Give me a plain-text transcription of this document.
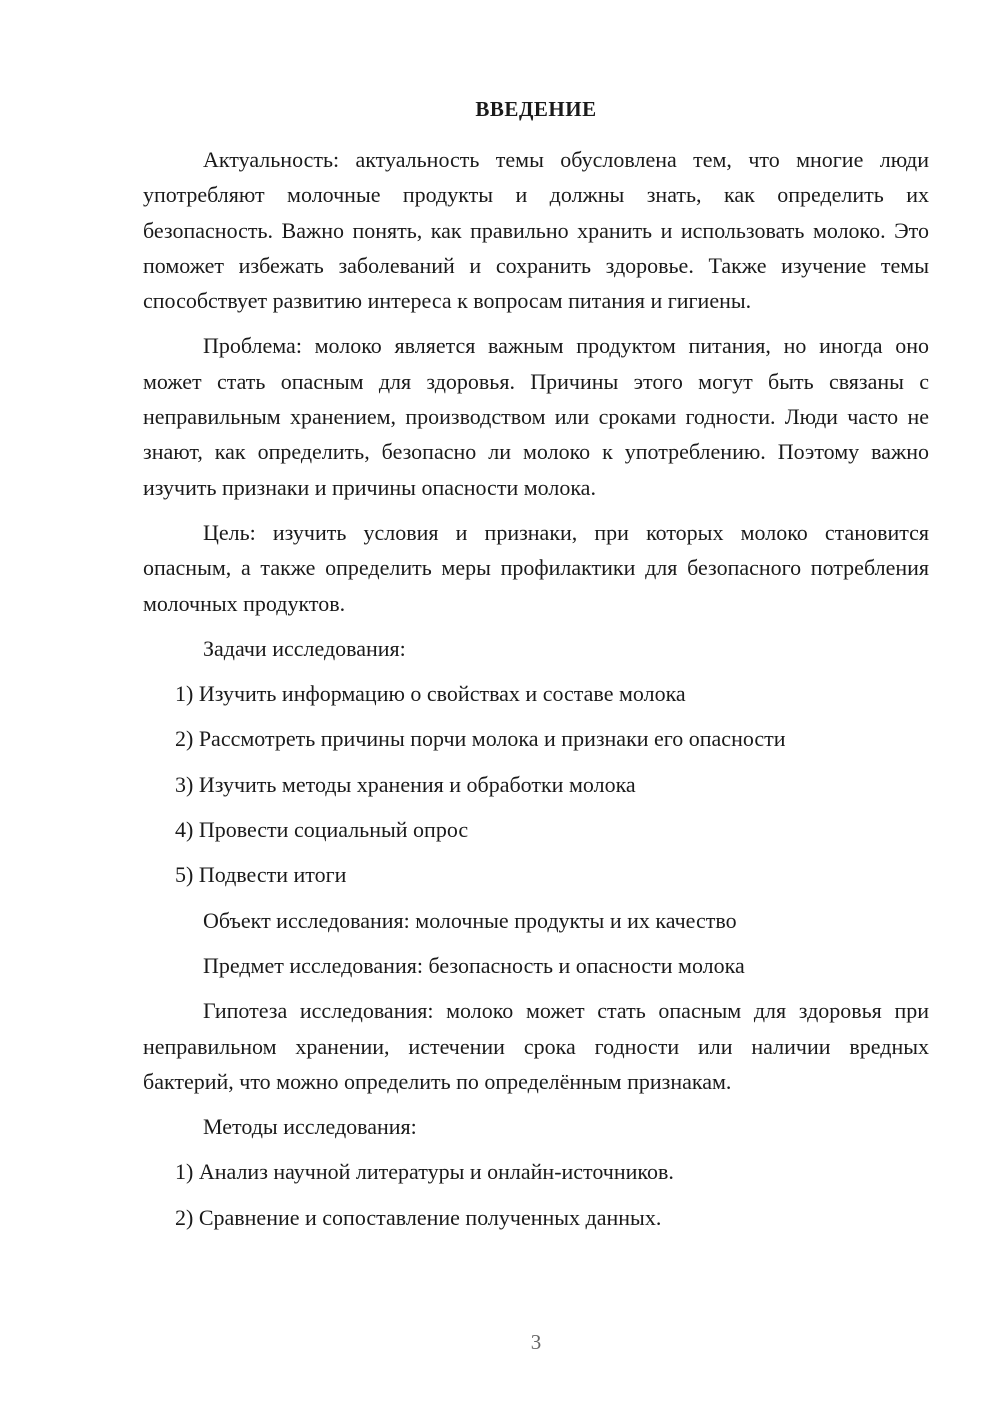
ВВЕДЕНИЕ

Актуальность: актуальность темы обусловлена тем, что многие люди употребляют молочные продукты и должны знать, как определить их безопасность. Важно понять, как правильно хранить и использовать молоко. Это поможет избежать заболеваний и сохранить здоровье. Также изучение темы способствует развитию интереса к вопросам питания и гигиены.

Проблема: молоко является важным продуктом питания, но иногда оно может стать опасным для здоровья. Причины этого могут быть связаны с неправильным хранением, производством или сроками годности. Люди часто не знают, как определить, безопасно ли молоко к употреблению. Поэтому важно изучить признаки и причины опасности молока.

Цель: изучить условия и признаки, при которых молоко становится опасным, а также определить меры профилактики для безопасного потребления молочных продуктов.

Задачи исследования:

1) Изучить информацию о свойствах и составе молока

2) Рассмотреть причины порчи молока и признаки его опасности

3) Изучить методы хранения и обработки молока

4) Провести социальный опрос

5) Подвести итоги

Объект исследования: молочные продукты и их качество

Предмет исследования: безопасность и опасности молока

Гипотеза исследования: молоко может стать опасным для здоровья при неправильном хранении, истечении срока годности или наличии вредных бактерий, что можно определить по определённым признакам.

Методы исследования:

1) Анализ научной литературы и онлайн-источников.

2) Сравнение и сопоставление полученных данных.

3
